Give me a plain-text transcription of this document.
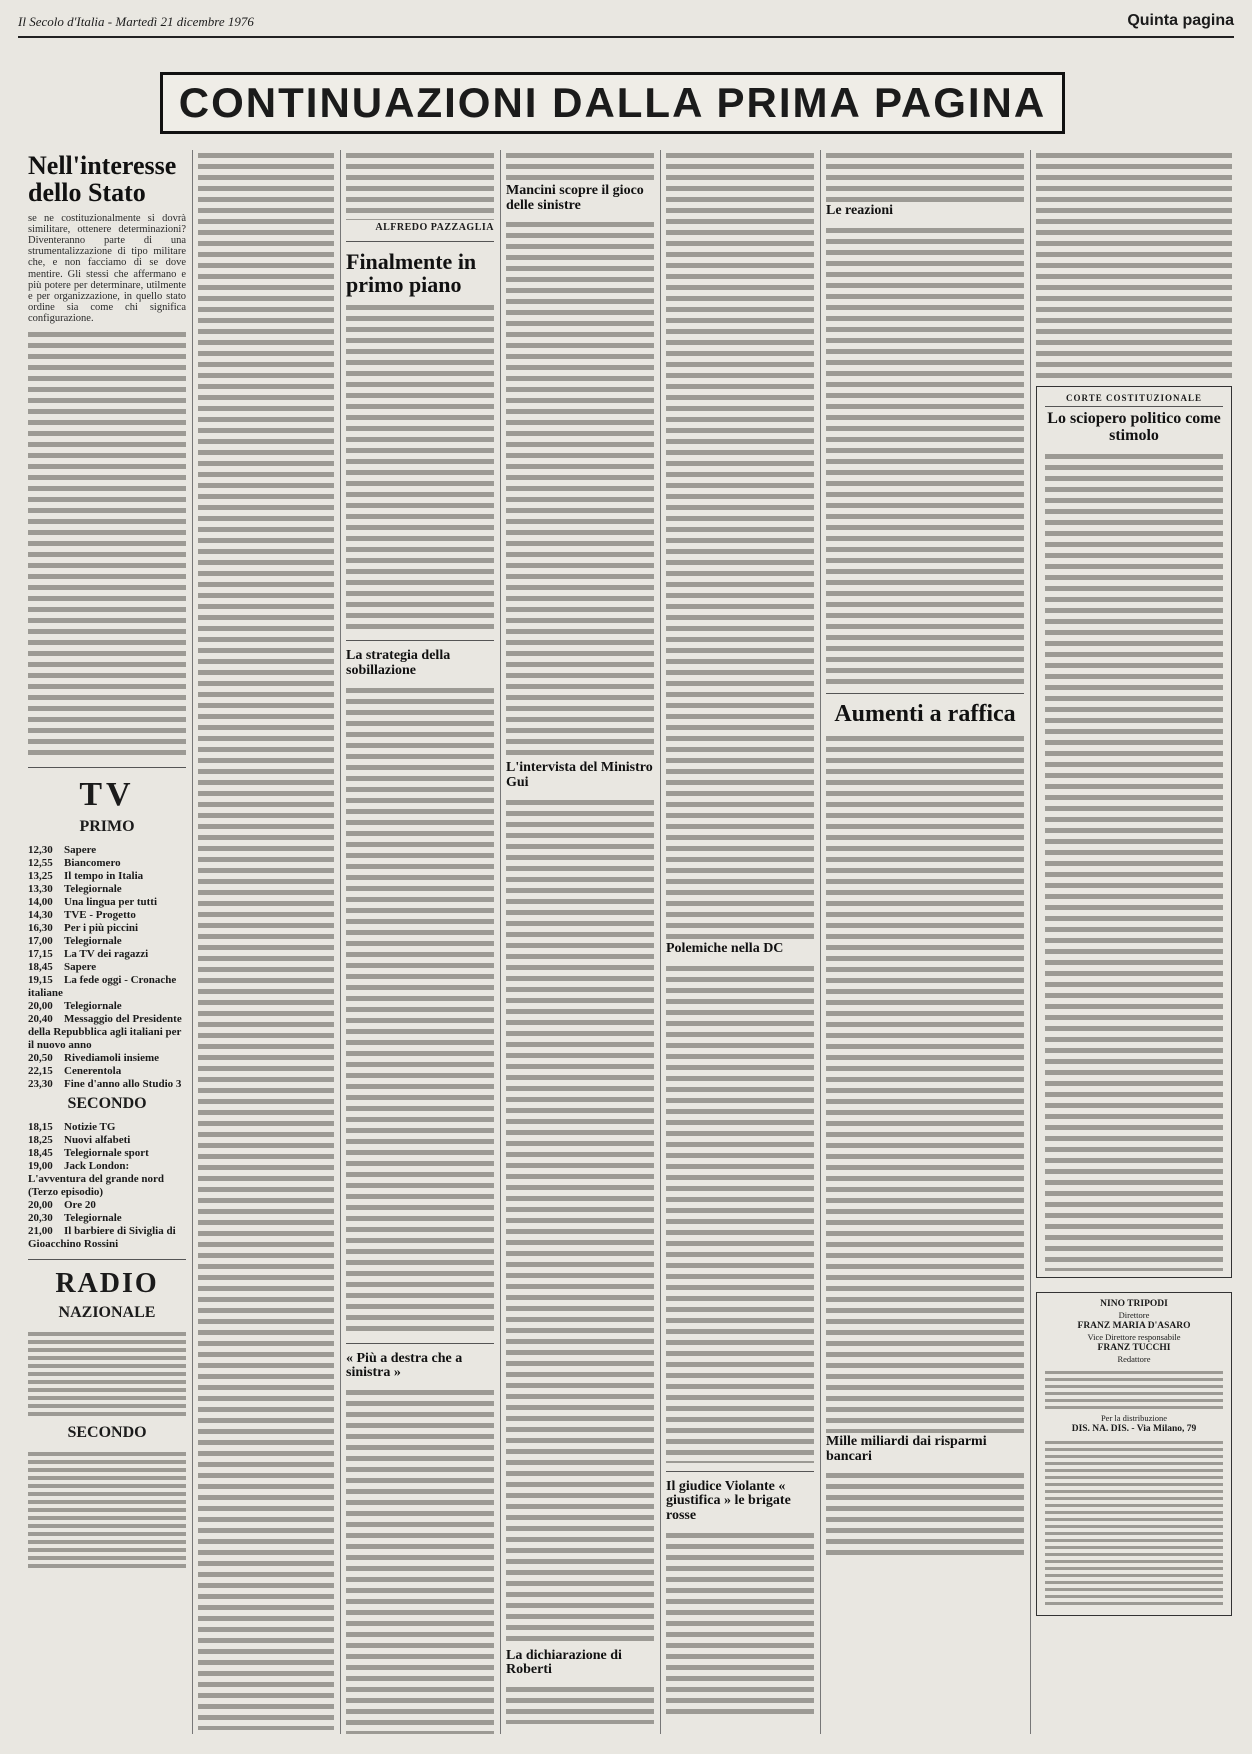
Il Secolo d'Italia - Martedì 21 dicembre 1976	Quinta pagina
CONTINUAZIONI DALLA PRIMA PAGINA
Nell'interesse dello Stato

se ne costituzionalmente si dovrà similitare, ottenere determinazioni? Diventeranno parte di una strumentalizzazione di tipo militare che, e non facciamo di se dove mentire. Gli stessi che affermano e più potere per determinare, utilmente e per organizzazione, in quello stato ordine sia come chi significa configurazione.

TV
PRIMO
12,30 Sapere
12,55 Biancomero
13,25 Il tempo in Italia
13,30 Telegiornale
14,00 Una lingua per tutti
14,30 TVE - Progetto
16,30 Per i più piccini
17,00 Telegiornale
17,15 La TV dei ragazzi
18,45 Sapere
19,15 La fede oggi - Cronache italiane
20,00 Telegiornale
20,40 Messaggio del Presidente della Repubblica agli italiani per il nuovo anno
20,50 Rivediamoli insieme
22,15 Cenerentola
23,30 Fine d'anno allo Studio 3
SECONDO
18,15 Notizie TG
18,25 Nuovi alfabeti
18,45 Telegiornale sport
19,00 Jack London: L'avventura del grande nord (Terzo episodio)
20,00 Ore 20
20,30 Telegiornale
21,00 Il barbiere di Siviglia di Gioacchino Rossini
RADIO
NAZIONALE
SECONDO
ALFREDO PAZZAGLIA
Finalmente in primo piano
La strategia della sobillazione
« Più a destra che a sinistra »
Mancini scopre il gioco delle sinistre
L'intervista del Ministro Gui
La dichiarazione di Roberti
Polemiche nella DC
Il giudice Violante « giustifica » le brigate rosse
Le reazioni
Aumenti a raffica
Mille miliardi dai risparmi bancari
CORTE COSTITUZIONALE
Lo sciopero politico come stimolo
NINO TRIPODI
Direttore
FRANZ MARIA D'ASARO
Vice Direttore responsabile
FRANZ TUCCHI
Redattore
Per la distribuzione
DIS. NA. DIS. - Via Milano, 79
